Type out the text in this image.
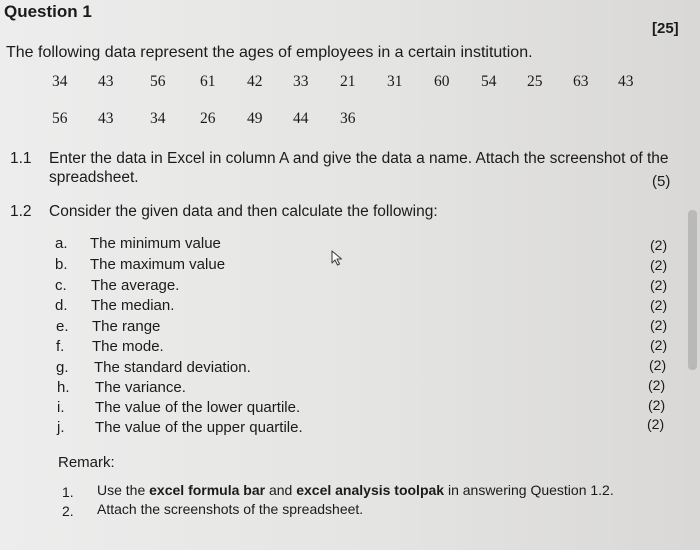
Question 1
[25]
The following data represent the ages of employees in a certain institution.
34 43 56 61 42 33 21 31 60 54 25 63 43
56 43 34 26 49 44 36
1.1 Enter the data in Excel in column A and give the data a name. Attach the screenshot of the
spreadsheet.	(5)
1.2 Consider the given data and then calculate the following:
a. The minimum value	(2)
b. The maximum value	(2)
c. The average.	(2)
d. The median.	(2)
e. The range	(2)
f. The mode.	(2)
g. The standard deviation.	(2)
h. The variance.	(2)
i. The value of the lower quartile.	(2)
j. The value of the upper quartile.	(2)
Remark:
1. Use the excel formula bar and excel analysis toolpak in answering Question 1.2.
2. Attach the screenshots of the spreadsheet.
